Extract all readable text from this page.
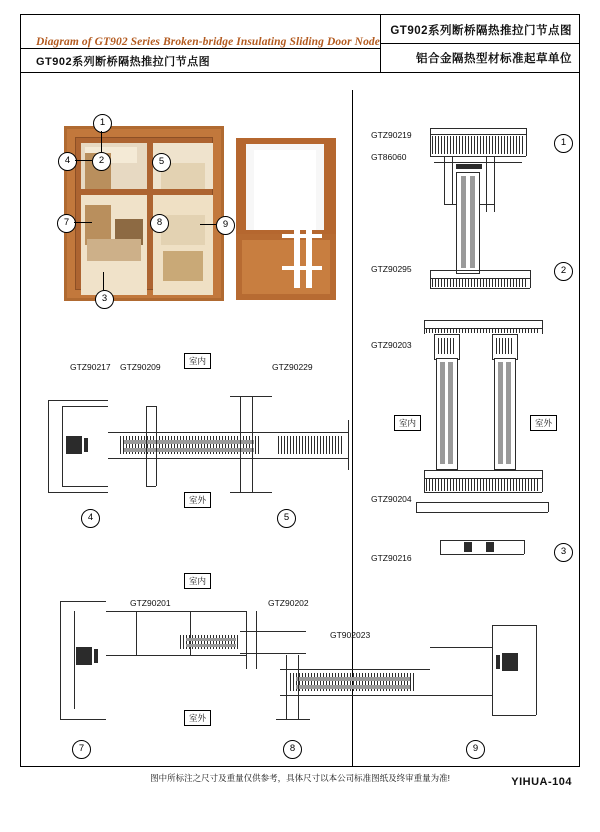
Diagram of GT902 Series Broken-bridge Insulating Sliding Door Node
GT902系列断桥隔热推拉门节点图
GT902系列断桥隔热推拉门节点图
铝合金隔热型材标准起草单位
1
2	5
4
7	8	9
3
GTZ90219
GT86060
GTZ90295
GTZ90203
GTZ90204
GTZ90216
室内	室外
1
2
3
GTZ90217 GTZ90209	GTZ90229
室内
室外
4	5
GTZ90201	GTZ90202
GT902023
室内
室外
7	8	9
图中所标注之尺寸及重量仅供参考，具体尺寸以本公司标准图纸及终审重量为准!	YIHUA-104
